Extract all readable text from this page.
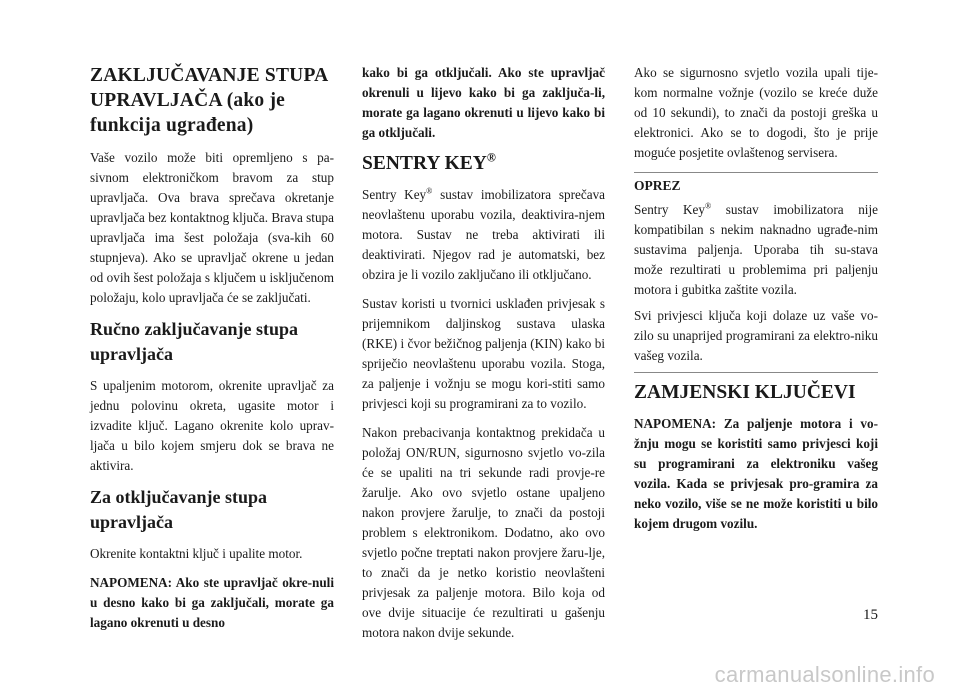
ZAKLJUČAVANJE STUPA UPRAVLJAČA (ako je funkcija ugrađena)

Vaše vozilo može biti opremljeno s pa-sivnom elektroničkom bravom za stup upravljača. Ova brava sprečava okretanje upravljača bez kontaktnog ključa. Brava stupa upravljača ima šest položaja (sva-kih 60 stupnjeva). Ako se upravljač okrene u jedan od ovih šest položaja s ključem u isključenom položaju, kolo upravljača će se zaključati.

Ručno zaključavanje stupa upravljača

S upaljenim motorom, okrenite upravljač za jednu polovinu okreta, ugasite motor i izvadite ključ. Lagano okrenite kolo uprav-ljača u bilo kojem smjeru dok se brava ne aktivira.

Za otključavanje stupa upravljača

Okrenite kontaktni ključ i upalite motor.

NAPOMENA: Ako ste upravljač okre-nuli u desno kako bi ga zaključali, morate ga lagano okrenuti u desno

kako bi ga otključali. Ako ste upravljač okrenuli u lijevo kako bi ga zaključa-li, morate ga lagano okrenuti u lijevo kako bi ga otključali.

SENTRY KEY®

Sentry Key® sustav imobilizatora sprečava neovlaštenu uporabu vozila, deaktivira-njem motora. Sustav ne treba aktivirati ili deaktivirati. Njegov rad je automatski, bez obzira je li vozilo zaključano ili otključano.

Sustav koristi u tvornici usklađen privjesak s prijemnikom daljinskog sustava ulaska (RKE) i čvor bežičnog paljenja (KIN) kako bi spriječio neovlaštenu uporabu vozila. Stoga, za paljenje i vožnju se mogu kori-stiti samo privjesci koji su programirani za to vozilo.

Nakon prebacivanja kontaktnog prekidača u položaj ON/RUN, sigurnosno svjetlo vo-zila će se upaliti na tri sekunde radi provje-re žarulje. Ako ovo svjetlo ostane upaljeno nakon provjere žarulje, to znači da postoji problem s elektronikom. Dodatno, ako ovo svjetlo počne treptati nakon provjere žaru-lje, to znači da je netko koristio neovlašteni privjesak za paljenje motora. Bilo koja od ove dvije situacije će rezultirati u gašenju motora nakon dvije sekunde.

Ako se sigurnosno svjetlo vozila upali tije-kom normalne vožnje (vozilo se kreće duže od 10 sekundi), to znači da postoji greška u elektronici. Ako se to dogodi, što je prije moguće posjetite ovlaštenog servisera.

OPREZ

Sentry Key® sustav imobilizatora nije kompatibilan s nekim naknadno ugrađe-nim sustavima paljenja. Uporaba tih su-stava može rezultirati u problemima pri paljenju motora i gubitka zaštite vozila.

Svi privjesci ključa koji dolaze uz vaše vo-zilo su unaprijed programirani za elektro-niku vašeg vozila.

ZAMJENSKI KLJUČEVI

NAPOMENA: Za paljenje motora i vo-žnju mogu se koristiti samo privjesci koji su programirani za elektroniku vašeg vozila. Kada se privjesak pro-gramira za neko vozilo, više se ne može koristiti u bilo kojem drugom vozilu.

15
carmanualsonline.info
